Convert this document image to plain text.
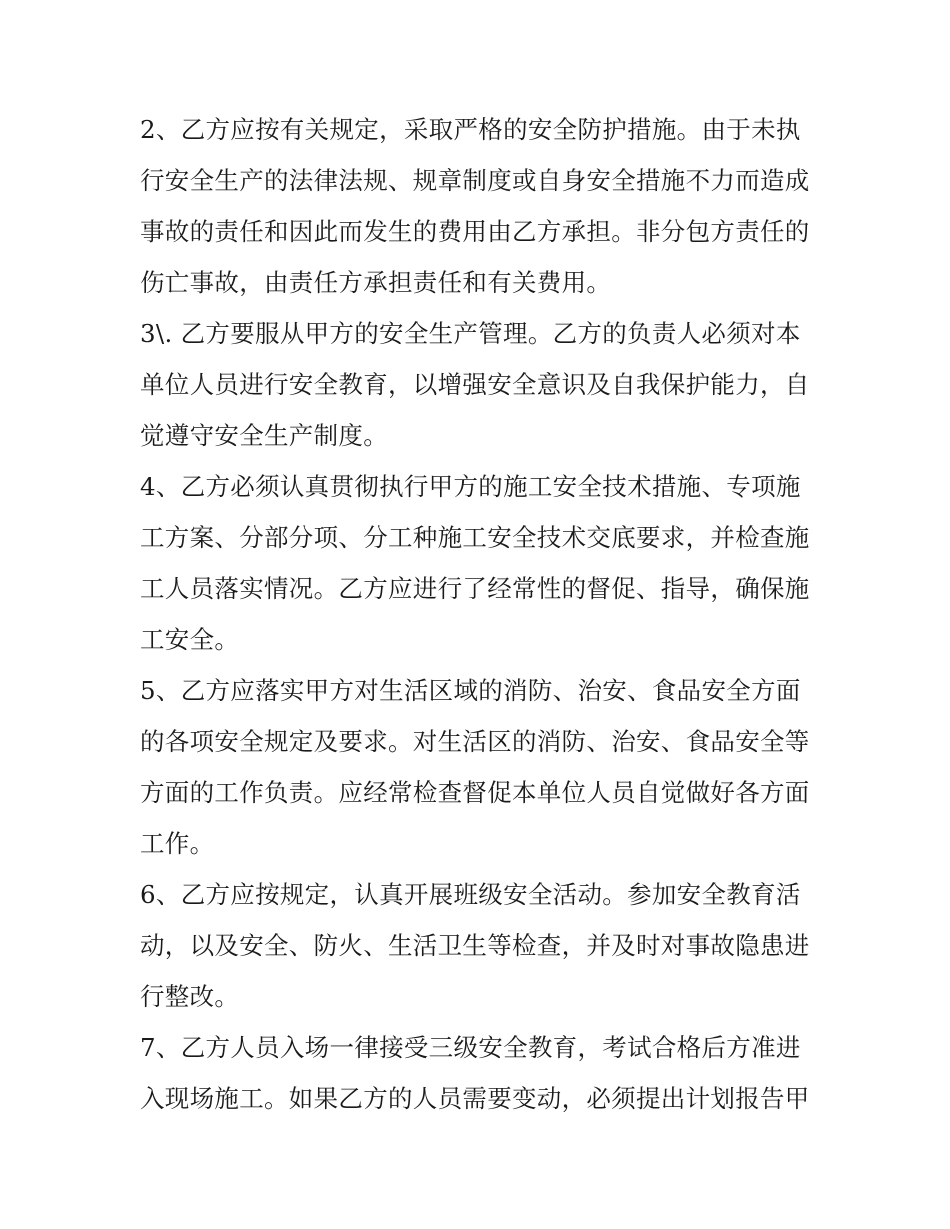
2、乙方应按有关规定，采取严格的安全防护措施。由于未执
行安全生产的法律法规、规章制度或自身安全措施不力而造成
事故的责任和因此而发生的费用由乙方承担。非分包方责任的
伤亡事故，由责任方承担责任和有关费用。
3\. 乙方要服从甲方的安全生产管理。乙方的负责人必须对本
单位人员进行安全教育，以增强安全意识及自我保护能力，自
觉遵守安全生产制度。
4、乙方必须认真贯彻执行甲方的施工安全技术措施、专项施
工方案、分部分项、分工种施工安全技术交底要求，并检查施
工人员落实情况。乙方应进行了经常性的督促、指导，确保施
工安全。
5、乙方应落实甲方对生活区域的消防、治安、食品安全方面
的各项安全规定及要求。对生活区的消防、治安、食品安全等
方面的工作负责。应经常检查督促本单位人员自觉做好各方面
工作。
6、乙方应按规定，认真开展班级安全活动。参加安全教育活
动，以及安全、防火、生活卫生等检查，并及时对事故隐患进
行整改。
7、乙方人员入场一律接受三级安全教育，考试合格后方准进
入现场施工。如果乙方的人员需要变动，必须提出计划报告甲
